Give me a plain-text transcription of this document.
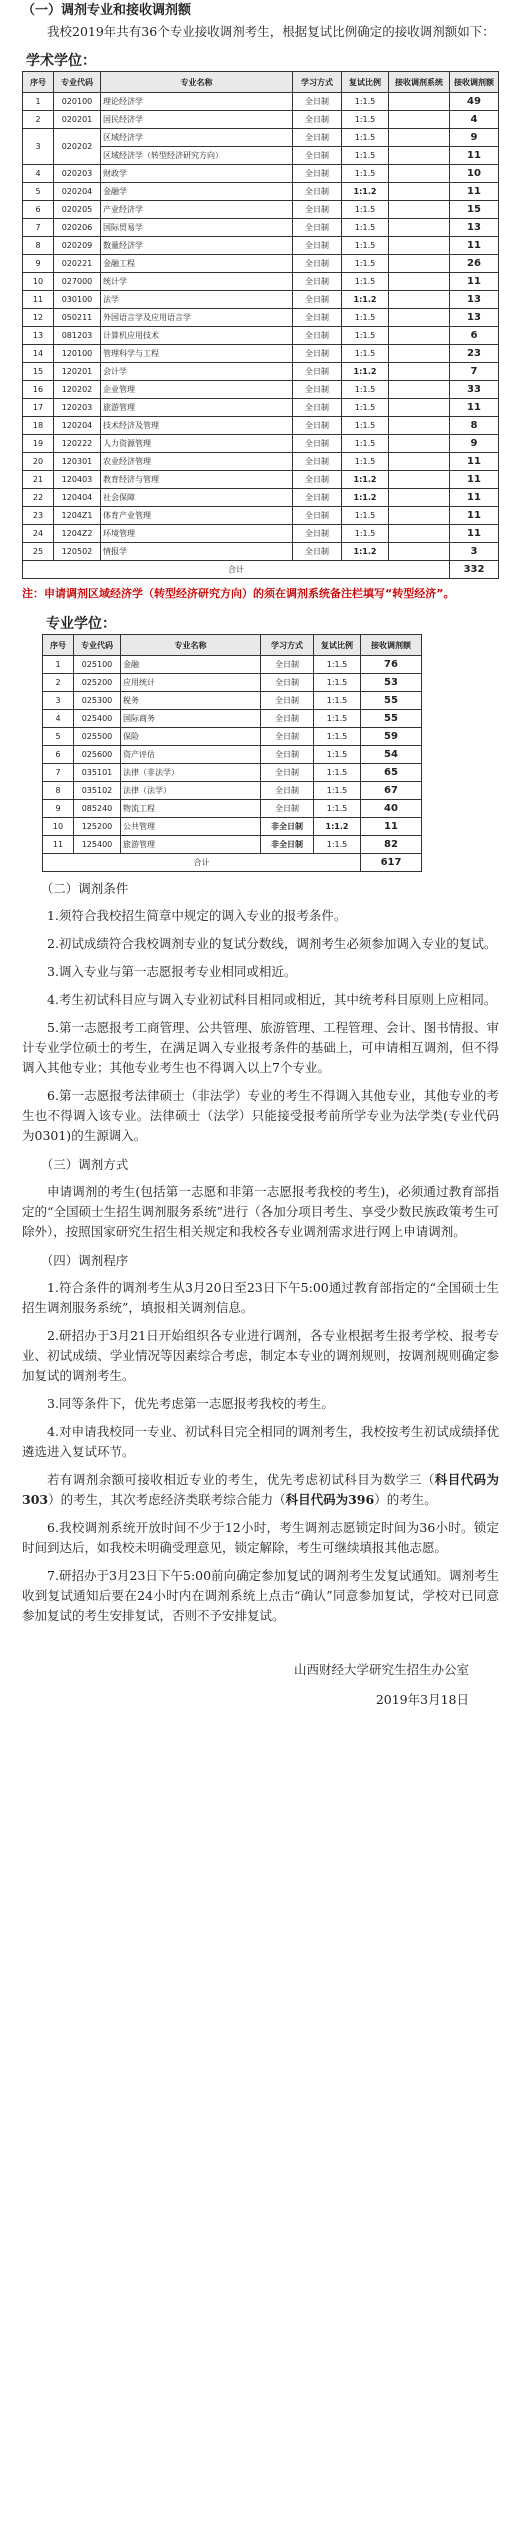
（一）调剂专业和接收调剂额

我校2019年共有36个专业接收调剂考生，根据复试比例确定的接收调剂额如下：

学术学位：
序号	专业代码	专业名称	学习方式	复试比例	接收调剂系统	接收调剂额
1	020100	理论经济学	全日制	1:1.5		49
2	020201	国民经济学	全日制	1:1.5		4
3	020202	区域经济学	全日制	1:1.5		9
		区域经济学（转型经济研究方向）	全日制	1:1.5		11
4	020203	财政学	全日制	1:1.5		10
5	020204	金融学	全日制	1:1.2		11
6	020205	产业经济学	全日制	1:1.5		15
7	020206	国际贸易学	全日制	1:1.5		13
8	020209	数量经济学	全日制	1:1.5		11
9	020221	金融工程	全日制	1:1.5		26
10	027000	统计学	全日制	1:1.5		11
11	030100	法学	全日制	1:1.2		13
12	050211	外国语言学及应用语言学	全日制	1:1.5		13
13	081203	计算机应用技术	全日制	1:1.5		6
14	120100	管理科学与工程	全日制	1:1.5		23
15	120201	会计学	全日制	1:1.2		7
16	120202	企业管理	全日制	1:1.5		33
17	120203	旅游管理	全日制	1:1.5		11
18	120204	技术经济及管理	全日制	1:1.5		8
19	120222	人力资源管理	全日制	1:1.5		9
20	120301	农业经济管理	全日制	1:1.5		11
21	120403	教育经济与管理	全日制	1:1.2		11
22	120404	社会保障	全日制	1:1.2		11
23	1204Z1	体育产业管理	全日制	1:1.5		11
24	1204Z2	环境管理	全日制	1:1.5		11
25	120502	情报学	全日制	1:1.2		3
合计						332
注：申请调剂区域经济学（转型经济研究方向）的须在调剂系统备注栏填写“转型经济”。
专业学位：
序号	专业代码	专业名称	学习方式	复试比例	接收调剂额
1	025100	金融	全日制	1:1.5	76
2	025200	应用统计	全日制	1:1.5	53
3	025300	税务	全日制	1:1.5	55
4	025400	国际商务	全日制	1:1.5	55
5	025500	保险	全日制	1:1.5	59
6	025600	资产评估	全日制	1:1.5	54
7	035101	法律（非法学）	全日制	1:1.5	65
8	035102	法律（法学）	全日制	1:1.5	67
9	085240	物流工程	全日制	1:1.5	40
10	125200	公共管理	非全日制	1:1.2	11
11	125400	旅游管理	非全日制	1:1.5	82
合计					617
（二）调剂条件

1.须符合我校招生简章中规定的调入专业的报考条件。

2.初试成绩符合我校调剂专业的复试分数线，调剂考生必须参加调入专业的复试。

3.调入专业与第一志愿报考专业相同或相近。

4.考生初试科目应与调入专业初试科目相同或相近，其中统考科目原则上应相同。

5.第一志愿报考工商管理、公共管理、旅游管理、工程管理、会计、图书情报、审计专业学位硕士的考生，在满足调入专业报考条件的基础上，可申请相互调剂，但不得调入其他专业；其他专业考生也不得调入以上7个专业。

6.第一志愿报考法律硕士（非法学）专业的考生不得调入其他专业，其他专业的考生也不得调入该专业。法律硕士（法学）只能接受报考前所学专业为法学类(专业代码为0301)的生源调入。

（三）调剂方式

申请调剂的考生(包括第一志愿和非第一志愿报考我校的考生)，必须通过教育部指定的“全国硕士生招生调剂服务系统”进行（各加分项目考生、享受少数民族政策考生可除外），按照国家研究生招生相关规定和我校各专业调剂需求进行网上申请调剂。

（四）调剂程序

1.符合条件的调剂考生从3月20日至23日下午5:00通过教育部指定的“全国硕士生招生调剂服务系统”，填报相关调剂信息。

2.研招办于3月21日开始组织各专业进行调剂，各专业根据考生报考学校、报考专业、初试成绩、学业情况等因素综合考虑，制定本专业的调剂规则，按调剂规则确定参加复试的调剂考生。

3.同等条件下，优先考虑第一志愿报考我校的考生。

4.对申请我校同一专业、初试科目完全相同的调剂考生，我校按考生初试成绩择优遴选进入复试环节。

若有调剂余额可接收相近专业的考生，优先考虑初试科目为数学三（科目代码为303）的考生，其次考虑经济类联考综合能力（科目代码为396）的考生。

6.我校调剂系统开放时间不少于12小时，考生调剂志愿锁定时间为36小时。锁定时间到达后，如我校未明确受理意见，锁定解除，考生可继续填报其他志愿。

7.研招办于3月23日下午5:00前向确定参加复试的调剂考生发复试通知。调剂考生收到复试通知后要在24小时内在调剂系统上点击“确认”同意参加复试，学校对已同意参加复试的考生安排复试，否则不予安排复试。

山西财经大学研究生招生办公室
2019年3月18日
